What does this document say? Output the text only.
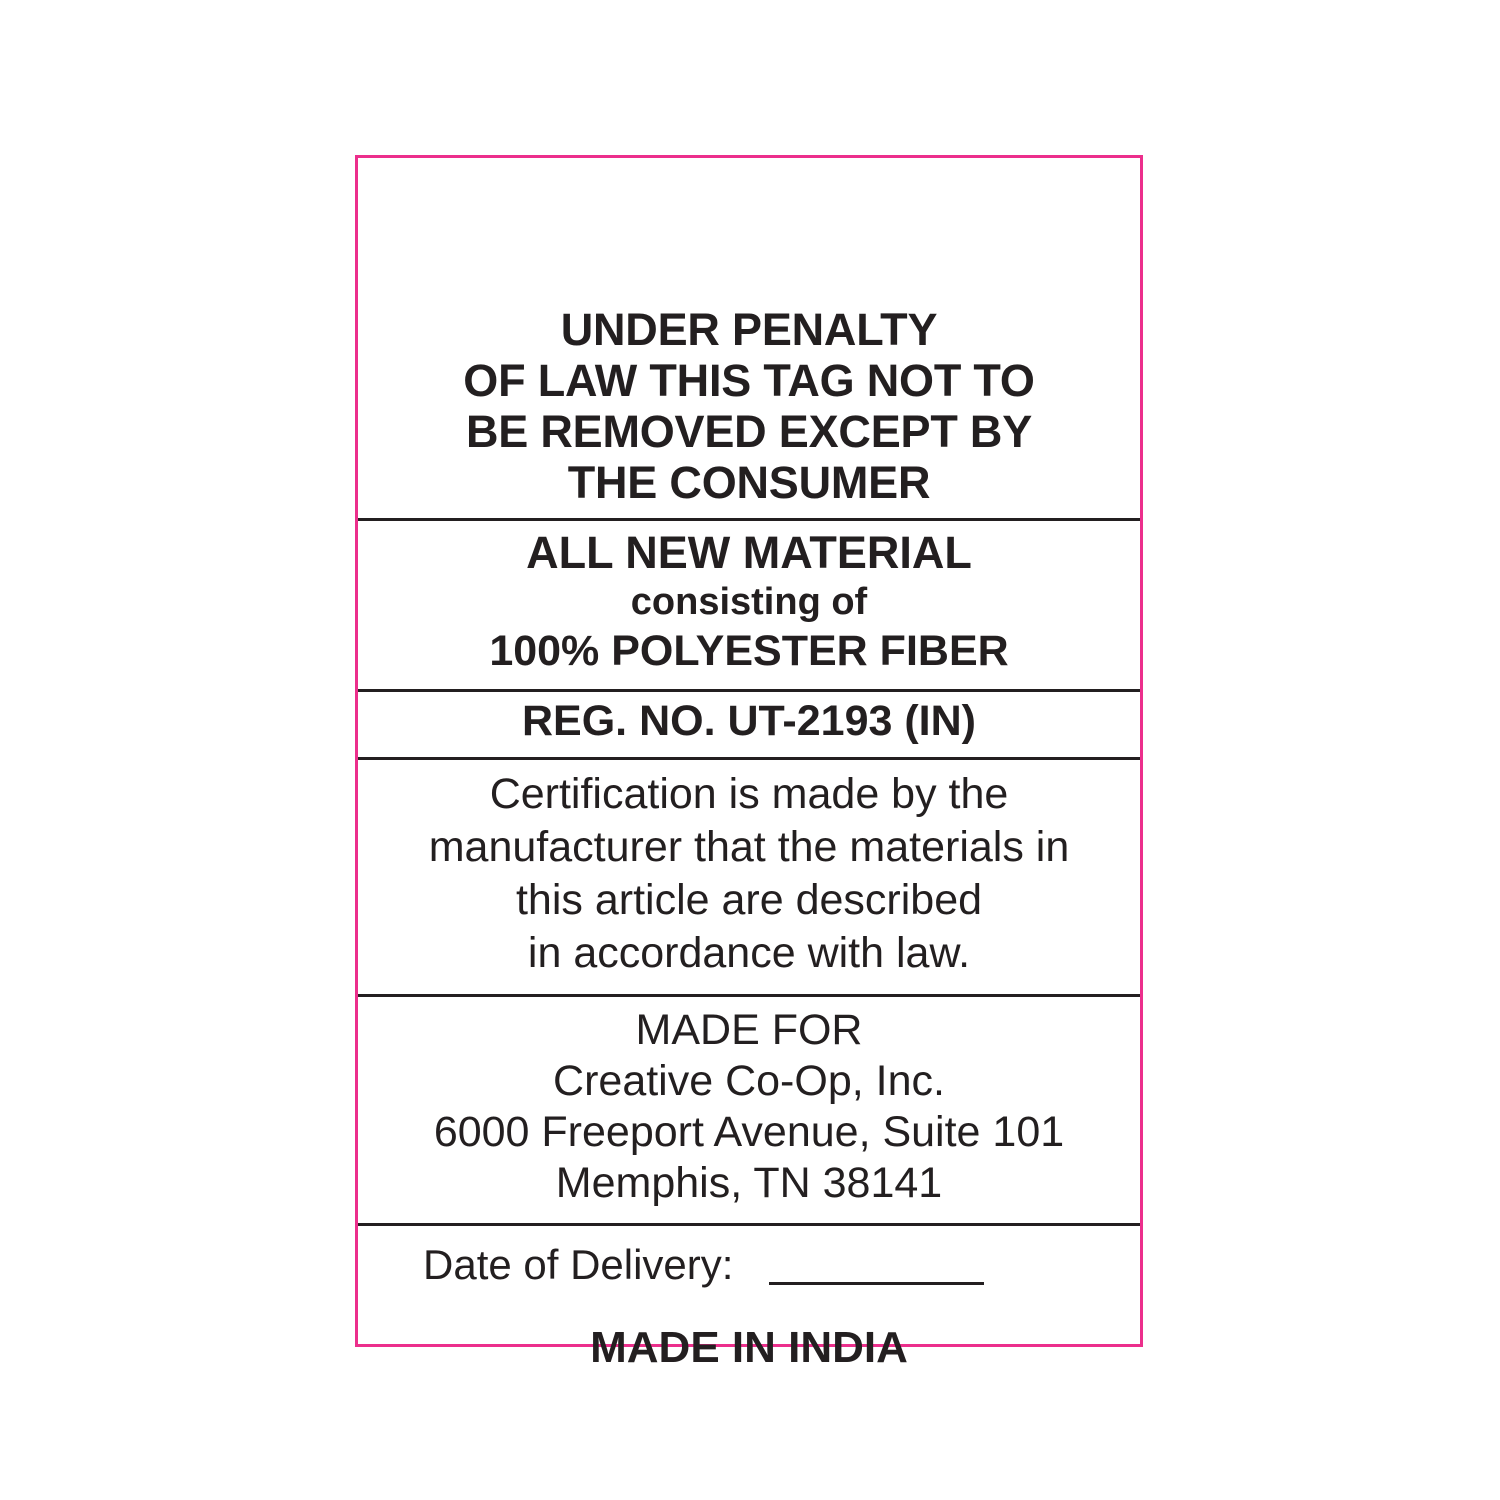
UNDER PENALTY
OF LAW THIS TAG NOT TO
BE REMOVED EXCEPT BY
THE CONSUMER
ALL NEW MATERIAL
consisting of
100% POLYESTER FIBER
REG. NO. UT-2193 (IN)
Certification is made by the
manufacturer that the materials in
this article are described
in accordance with law.
MADE FOR
Creative Co-Op, Inc.
6000 Freeport Avenue, Suite 101
Memphis, TN 38141
Date of Delivery:
MADE IN INDIA
